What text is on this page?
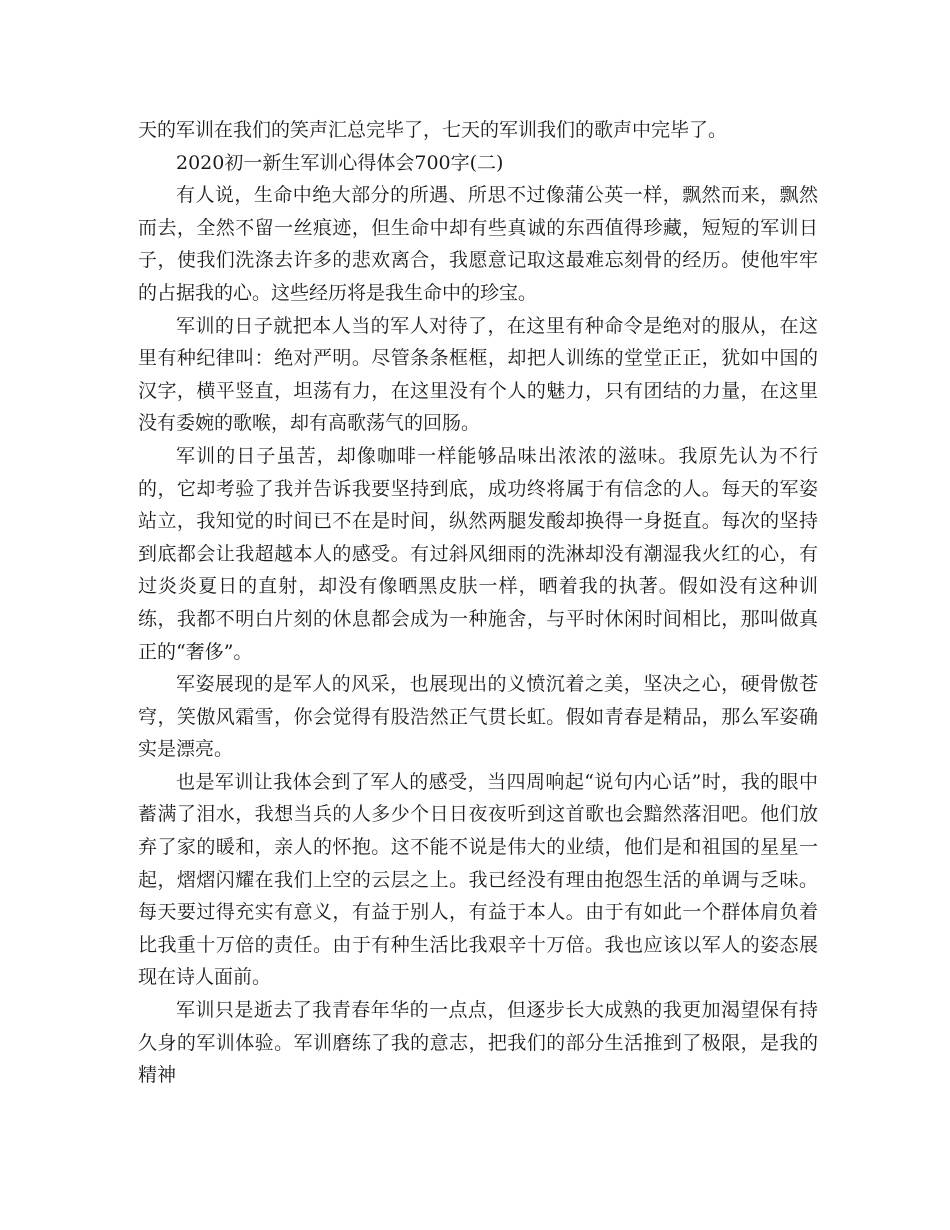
天的军训在我们的笑声汇总完毕了，七天的军训我们的歌声中完毕了。

2020初一新生军训心得体会700字(二)

有人说，生命中绝大部分的所遇、所思不过像蒲公英一样，飘然而来，飘然而去，全然不留一丝痕迹，但生命中却有些真诚的东西值得珍藏，短短的军训日子，使我们洗涤去许多的悲欢离合，我愿意记取这最难忘刻骨的经历。使他牢牢的占据我的心。这些经历将是我生命中的珍宝。

军训的日子就把本人当的军人对待了，在这里有种命令是绝对的服从，在这里有种纪律叫：绝对严明。尽管条条框框，却把人训练的堂堂正正，犹如中国的汉字，横平竖直，坦荡有力，在这里没有个人的魅力，只有团结的力量，在这里没有委婉的歌喉，却有高歌荡气的回肠。

军训的日子虽苦，却像咖啡一样能够品味出浓浓的滋味。我原先认为不行的，它却考验了我并告诉我要坚持到底，成功终将属于有信念的人。每天的军姿站立，我知觉的时间已不在是时间，纵然两腿发酸却换得一身挺直。每次的坚持到底都会让我超越本人的感受。有过斜风细雨的洗淋却没有潮湿我火红的心，有过炎炎夏日的直射，却没有像晒黑皮肤一样，晒着我的执著。假如没有这种训练，我都不明白片刻的休息都会成为一种施舍，与平时休闲时间相比，那叫做真正的“奢侈”。

军姿展现的是军人的风采，也展现出的义愤沉着之美，坚决之心，硬骨傲苍穹，笑傲风霜雪，你会觉得有股浩然正气贯长虹。假如青春是精品，那么军姿确实是漂亮。

也是军训让我体会到了军人的感受，当四周响起“说句内心话”时，我的眼中蓄满了泪水，我想当兵的人多少个日日夜夜听到这首歌也会黯然落泪吧。他们放弃了家的暖和，亲人的怀抱。这不能不说是伟大的业绩，他们是和祖国的星星一起，熠熠闪耀在我们上空的云层之上。我已经没有理由抱怨生活的单调与乏味。每天要过得充实有意义，有益于别人，有益于本人。由于有如此一个群体肩负着比我重十万倍的责任。由于有种生活比我艰辛十万倍。我也应该以军人的姿态展现在诗人面前。

军训只是逝去了我青春年华的一点点，但逐步长大成熟的我更加渴望保有持久身的军训体验。军训磨练了我的意志，把我们的部分生活推到了极限，是我的精神
